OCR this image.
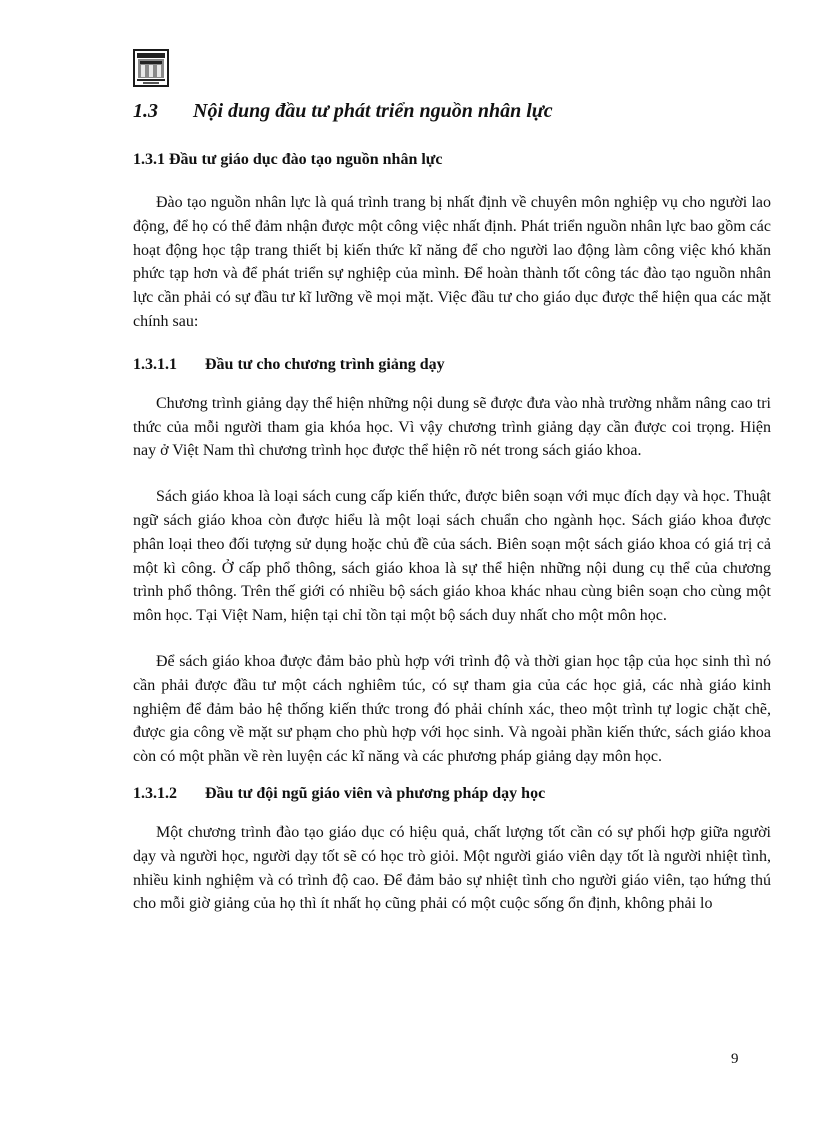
1.3 Nội dung đầu tư phát triển nguồn nhân lực
1.3.1 Đầu tư giáo dục đào tạo nguồn nhân lực

Đào tạo nguồn nhân lực là quá trình trang bị nhất định về chuyên môn nghiệp vụ cho người lao động, để họ có thể đảm nhận được một công việc nhất định. Phát triển nguồn nhân lực bao gồm các hoạt động học tập trang thiết bị kiến thức kĩ năng để cho người lao động làm công việc khó khăn phức tạp hơn và để phát triển sự nghiệp của mình. Để hoàn thành tốt công tác đào tạo nguồn nhân lực cần phải có sự đầu tư kĩ lưỡng về mọi mặt. Việc đầu tư cho giáo dục được thể hiện qua các mặt chính sau:

1.3.1.1 Đầu tư cho chương trình giảng dạy

Chương trình giảng dạy thể hiện những nội dung sẽ được đưa vào nhà trường nhằm nâng cao tri thức của mỗi người tham gia khóa học. Vì vậy chương trình giảng dạy cần được coi trọng. Hiện nay ở Việt Nam thì chương trình học được thể hiện rõ nét trong sách giáo khoa.

Sách giáo khoa là loại sách cung cấp kiến thức, được biên soạn với mục đích dạy và học. Thuật ngữ sách giáo khoa còn được hiểu là một loại sách chuẩn cho ngành học. Sách giáo khoa được phân loại theo đối tượng sử dụng hoặc chủ đề của sách. Biên soạn một sách giáo khoa có giá trị cả một kì công. Ở cấp phổ thông, sách giáo khoa là sự thể hiện những nội dung cụ thể của chương trình phổ thông. Trên thế giới có nhiều bộ sách giáo khoa khác nhau cùng biên soạn cho cùng một môn học. Tại Việt Nam, hiện tại chỉ tồn tại một bộ sách duy nhất cho một môn học.

Để sách giáo khoa được đảm bảo phù hợp với trình độ và thời gian học tập của học sinh thì nó cần phải được đầu tư một cách nghiêm túc, có sự tham gia của các học giả, các nhà giáo kinh nghiệm để đảm bảo hệ thống kiến thức trong đó phải chính xác, theo một trình tự logic chặt chẽ, được gia công về mặt sư phạm cho phù hợp với học sinh. Và ngoài phần kiến thức, sách giáo khoa còn có một phần về rèn luyện các kĩ năng và các phương pháp giảng dạy môn học.

1.3.1.2 Đầu tư đội ngũ giáo viên và phương pháp dạy học

Một chương trình đào tạo giáo dục có hiệu quả, chất lượng tốt cần có sự phối hợp giữa người dạy và người học, người dạy tốt sẽ có học trò giỏi. Một người giáo viên dạy tốt là người nhiệt tình, nhiều kinh nghiệm và có trình độ cao. Để đảm bảo sự nhiệt tình cho người giáo viên, tạo hứng thú cho mỗi giờ giảng của họ thì ít nhất họ cũng phải có một cuộc sống ổn định, không phải lo

9
